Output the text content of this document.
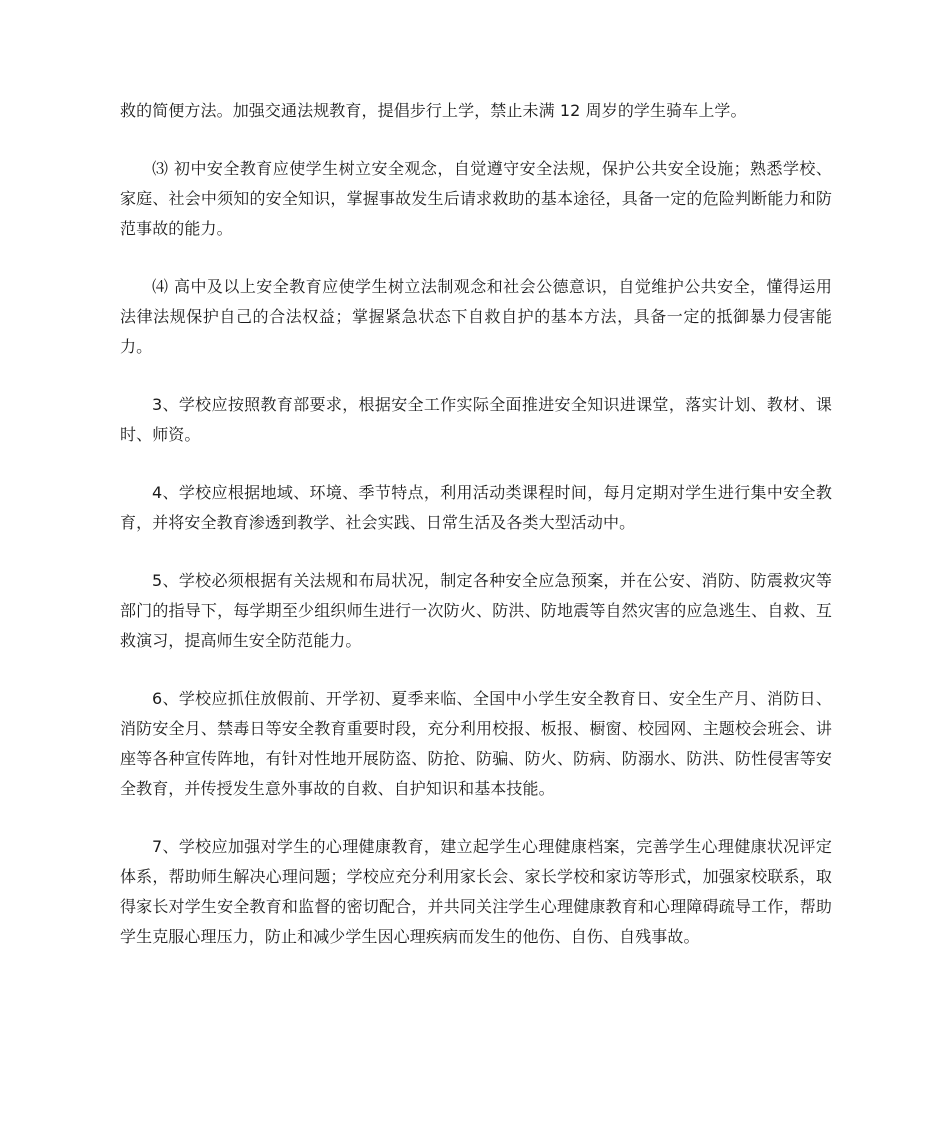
救的简便方法。加强交通法规教育，提倡步行上学，禁止未满 12 周岁的学生骑车上学。

⑶ 初中安全教育应使学生树立安全观念，自觉遵守安全法规，保护公共安全设施；熟悉学校、家庭、社会中须知的安全知识，掌握事故发生后请求救助的基本途径，具备一定的危险判断能力和防范事故的能力。

⑷ 高中及以上安全教育应使学生树立法制观念和社会公德意识，自觉维护公共安全，懂得运用法律法规保护自己的合法权益；掌握紧急状态下自救自护的基本方法，具备一定的抵御暴力侵害能力。

3、学校应按照教育部要求，根据安全工作实际全面推进安全知识进课堂，落实计划、教材、课时、师资。

4、学校应根据地域、环境、季节特点，利用活动类课程时间，每月定期对学生进行集中安全教育，并将安全教育渗透到教学、社会实践、日常生活及各类大型活动中。

5、学校必须根据有关法规和布局状况，制定各种安全应急预案，并在公安、消防、防震救灾等部门的指导下，每学期至少组织师生进行一次防火、防洪、防地震等自然灾害的应急逃生、自救、互救演习，提高师生安全防范能力。

6、学校应抓住放假前、开学初、夏季来临、全国中小学生安全教育日、安全生产月、消防日、消防安全月、禁毒日等安全教育重要时段，充分利用校报、板报、橱窗、校园网、主题校会班会、讲座等各种宣传阵地，有针对性地开展防盗、防抢、防骗、防火、防病、防溺水、防洪、防性侵害等安全教育，并传授发生意外事故的自救、自护知识和基本技能。

7、学校应加强对学生的心理健康教育，建立起学生心理健康档案，完善学生心理健康状况评定体系，帮助师生解决心理问题；学校应充分利用家长会、家长学校和家访等形式，加强家校联系，取得家长对学生安全教育和监督的密切配合，并共同关注学生心理健康教育和心理障碍疏导工作，帮助学生克服心理压力，防止和减少学生因心理疾病而发生的他伤、自伤、自残事故。
